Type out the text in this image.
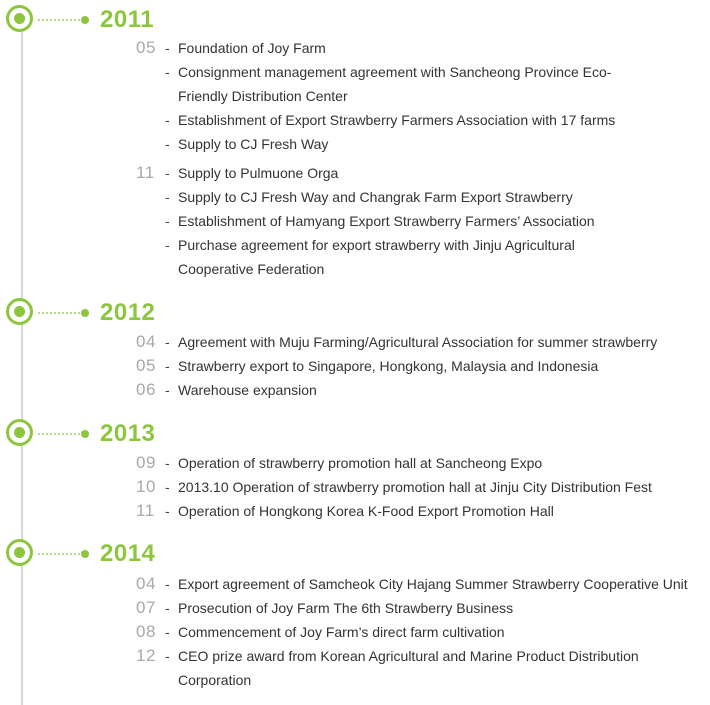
2011
05 - Foundation of Joy Farm
- Consignment management agreement with Sancheong Province Eco-Friendly Distribution Center
- Establishment of Export Strawberry Farmers Association with 17 farms
- Supply to CJ Fresh Way
11 - Supply to Pulmuone Orga
- Supply to CJ Fresh Way and Changrak Farm Export Strawberry
- Establishment of Hamyang Export Strawberry Farmers’ Association
- Purchase agreement for export strawberry with Jinju Agricultural Cooperative Federation
2012
04 - Agreement with Muju Farming/Agricultural Association for summer strawberry
05 - Strawberry export to Singapore, Hongkong, Malaysia and Indonesia
06 - Warehouse expansion
2013
09 - Operation of strawberry promotion hall at Sancheong Expo
10 - 2013.10 Operation of strawberry promotion hall at Jinju City Distribution Fest
11 - Operation of Hongkong Korea K-Food Export Promotion Hall
2014
04 - Export agreement of Samcheok City Hajang Summer Strawberry Cooperative Unit
07 - Prosecution of Joy Farm The 6th Strawberry Business
08 - Commencement of Joy Farm’s direct farm cultivation
12 - CEO prize award from Korean Agricultural and Marine Product Distribution Corporation
